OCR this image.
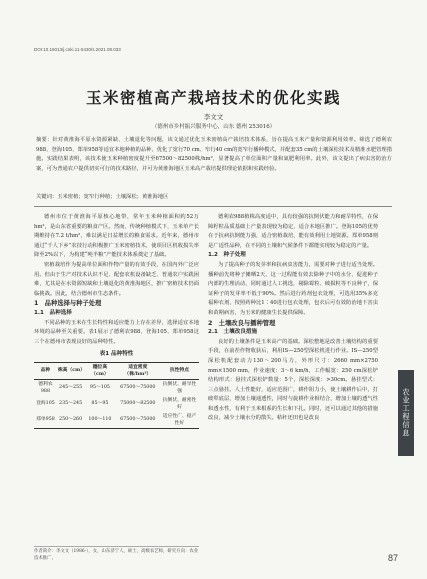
DOI:10.16013/j.cnki.11-5430/s.2021.08.033
玉米密植高产栽培技术的优化实践
李文文
（德州市乡村振兴服务中心，山东 德州 253016）
摘要：针对黄淮海平原水资源紧缺、土壤退化等问题，该文通过优化玉米密植高产栽培技术体系，旨在提高玉米产量和资源利用效率。筛选了德利农988、登海105、郑单958等适宜本地种植的品种，优化了宽行70 cm、窄行40 cm的宽窄行播种模式，并配套35 cm的土壤深松技术及精准水肥管理措施。实践结果表明，该技术使玉米种植密度提升至67500～82500株/hm²，显著提高了单位面积产量和氮肥利用率。此外，该文提出了病虫害防治方案，可为普通农户提供切实可行的技术路径，并可为黄淮海地区玉米高产栽培提供理论依据和实践经验。
关键词：玉米密植；宽窄行种植；土壤深松；黄淮海地区

德州市位于黄淮海平原核心地带，常年玉米种植面积约52万hm²，是山东省重要的粮食产区。然而，传统种植模式下，玉米单产长期维持在7.2 t/hm²，难以满足日益增长的粮食需求。近年来，德州市通过“千人下乡”农技行动积极推广玉米密植技术，使项目区机收损失率降至2%以下，为构建“吨半粮”产能技术体系奠定了基础。

密植栽培作为提高单位面积作物产量的有效手段，在国内外广泛应用。但由于生产对技术认识不足、配套农机设备缺乏、普通农户实践困难，尤其是在水资源短缺和土壤退化的黄淮海地区，推广密植技术仍面临挑战。因此，结合德州市生态条件。

1　品种选择与种子处理

1.1　品种选择

不同品种的玉米在生长特性和适应能力上存在差异，选择适宜本地环境的品种至关重要。表1展示了德利农988、登海105、郑单958这三个在德州市表现良好的品种特性。

表1 品种特性
品种	株高（cm）	穗位高（cm）	适宜密度（株/hm²）	抗性特点
德利农988	245～255	95～105	67500～75000	抗倒伏、耐旱性强
登海105	235～245	85～95	75000～82500	抗倒伏、耐密性好
郑单958	250～260	100～110	67500～75000	适应性广、稳产性好
作者简介：李文文（1986-），女，山东济宁人，硕士，高级农艺师，研究方向：农业技术推广。

德利农988植株高度适中，具有较强的抗倒伏能力和耐旱特性，在保障籽粒品质基础上产量表现较为稳定，适合本地区推广。登海105的优势在于抗病抗倒能力强，适合密植栽培，能有效利用土地资源。郑单958则是广适性品种，在不同的土壤和气候条件下都能实现较为稳定的产量。

1.2　种子处理

为了提高种子的发芽率和抗病虫害能力，需要对种子进行适当处理。播种前先将种子摊晒2天，这一过程能有效去除种子中的水分，促进种子内部的生理活动，同时通过人工挑选，剔除霉粒、破损粒等不良种子，保证种子的发芽率不低于90%。然后进行药剂包衣处理，可选用35%多克福种衣剂，按照药种比1∶40进行包衣处理，包衣后可有效防治地下害虫和苗期病害，为玉米的健康生长提供保障。

2　土壤改良与播种管理

2.1　土壤改良措施

良好的土壤条件是玉米高产的基础。深松整地是改善土壤结构的重要手段，在前茬作物收获后，利用IS—250型深松机进行作业。IS—250型深松机配套动力130～200马力，外形尺寸：2660 mm×2750 mm×1500 mm，作业速度：3～6 km/h，工作幅宽：250 cm深松铲结构形式：悬挂式深松铲数量：5个，深松深度：>30cm。悬挂型式：三点悬挂。人土性能好，适应范围广，耕作阻力小，使土壤耕作后中，打破犁底层，增加土壤通透性，同时与旋耕作业相结合，增加土壤的透气性和透水性，有利于玉米根系的生长和下扎。同时，还可以通过其他的措施改良，减少土壤水分的散失。秸秆还田也是改良	农业工程信息
87
